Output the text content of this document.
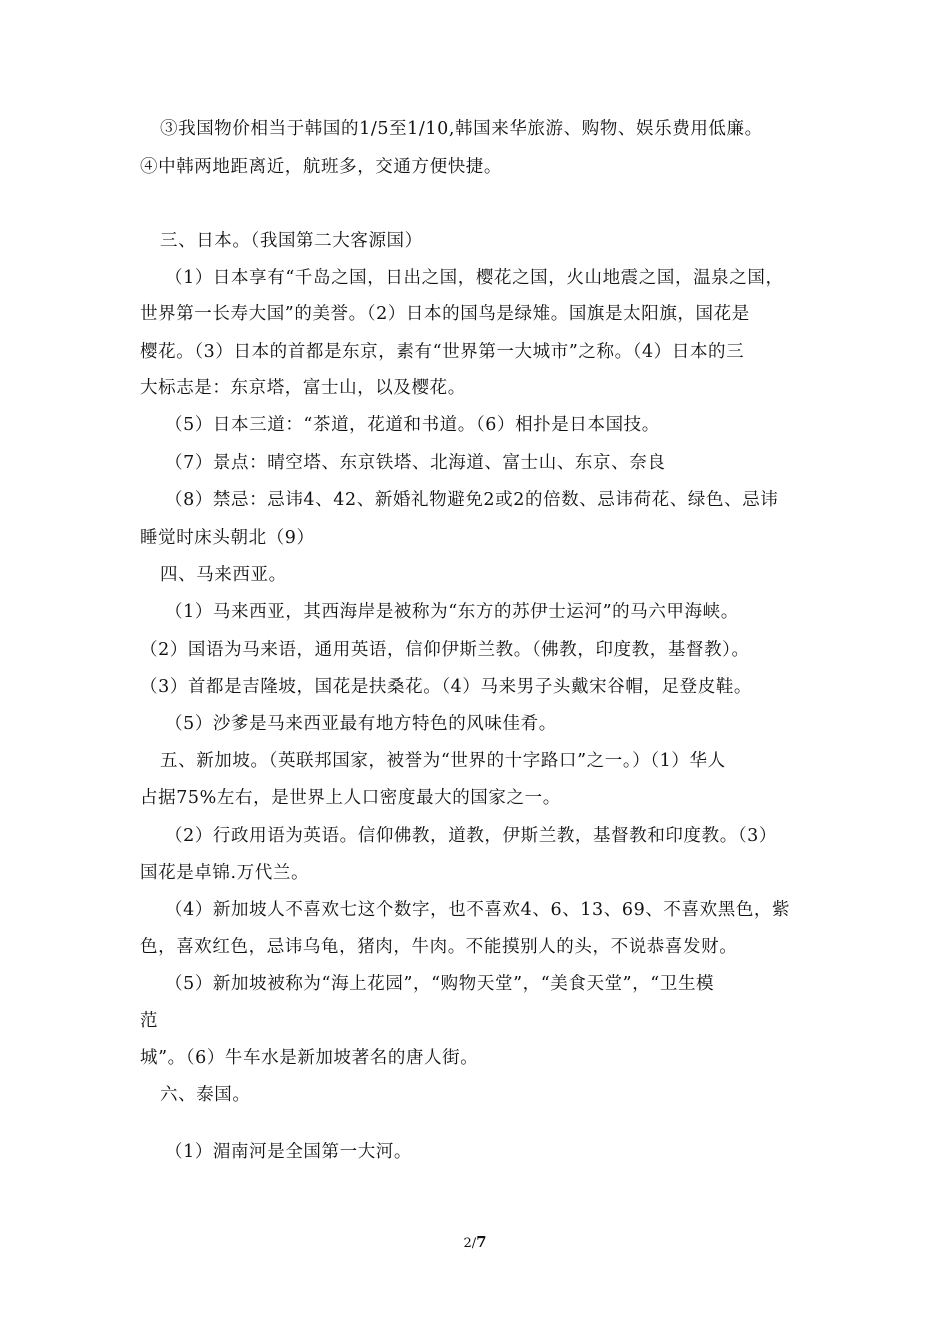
③我国物价相当于韩国的1/5至1/10,韩国来华旅游、购物、娱乐费用低廉。
④中韩两地距离近，航班多，交通方便快捷。
三、日本。（我国第二大客源国）
（1）日本享有“千岛之国，日出之国，樱花之国，火山地震之国，温泉之国，
世界第一长寿大国”的美誉。（2）日本的国鸟是绿雉。国旗是太阳旗，国花是
樱花。（3）日本的首都是东京，素有“世界第一大城市”之称。（4）日本的三
大标志是：东京塔，富士山，以及樱花。
（5）日本三道：“茶道，花道和书道。（6）相扑是日本国技。
（7）景点：晴空塔、东京铁塔、北海道、富士山、东京、奈良
（8）禁忌：忌讳4、42、新婚礼物避免2或2的倍数、忌讳荷花、绿色、忌讳
睡觉时床头朝北（9）
四、马来西亚。
（1）马来西亚，其西海岸是被称为“东方的苏伊士运河”的马六甲海峡。
（2）国语为马来语，通用英语，信仰伊斯兰教。（佛教，印度教，基督教）。
（3）首都是吉隆坡，国花是扶桑花。（4）马来男子头戴宋谷帽，足登皮鞋。
（5）沙爹是马来西亚最有地方特色的风味佳肴。
五、新加坡。（英联邦国家，被誉为“世界的十字路口”之一。）（1）华人
占据75%左右，是世界上人口密度最大的国家之一。
（2）行政用语为英语。信仰佛教，道教，伊斯兰教，基督教和印度教。（3）
国花是卓锦.万代兰。
（4）新加坡人不喜欢七这个数字，也不喜欢4、6、13、69、不喜欢黑色，紫
色，喜欢红色，忌讳乌龟，猪肉，牛肉。不能摸别人的头，不说恭喜发财。
（5）新加坡被称为“海上花园”，“购物天堂”，“美食天堂”，“卫生模
范
城”。（6）牛车水是新加坡著名的唐人街。
六、泰国。
（1）湄南河是全国第一大河。
2/7
